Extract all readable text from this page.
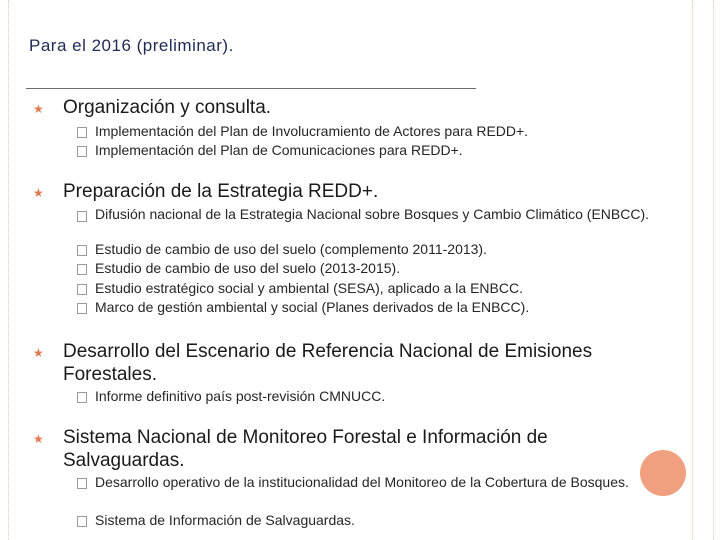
Para el 2016 (preliminar).
★ Organización y consulta.
Implementación del Plan de Involucramiento de Actores para REDD+.
Implementación del Plan de Comunicaciones para REDD+.
★ Preparación de la Estrategia REDD+.
Difusión nacional de la Estrategia Nacional sobre Bosques y Cambio Climático (ENBCC).
Estudio de cambio de uso del suelo (complemento 2011-2013).
Estudio de cambio de uso del suelo (2013-2015).
Estudio estratégico social y ambiental (SESA), aplicado a la ENBCC.
Marco de gestión ambiental y social (Planes derivados de la ENBCC).
★ Desarrollo del Escenario de Referencia Nacional de Emisiones Forestales.
Informe definitivo país post-revisión CMNUCC.
★ Sistema Nacional de Monitoreo Forestal e Información de Salvaguardas.
Desarrollo operativo de la institucionalidad del Monitoreo de la Cobertura de Bosques.
Sistema de Información de Salvaguardas.
